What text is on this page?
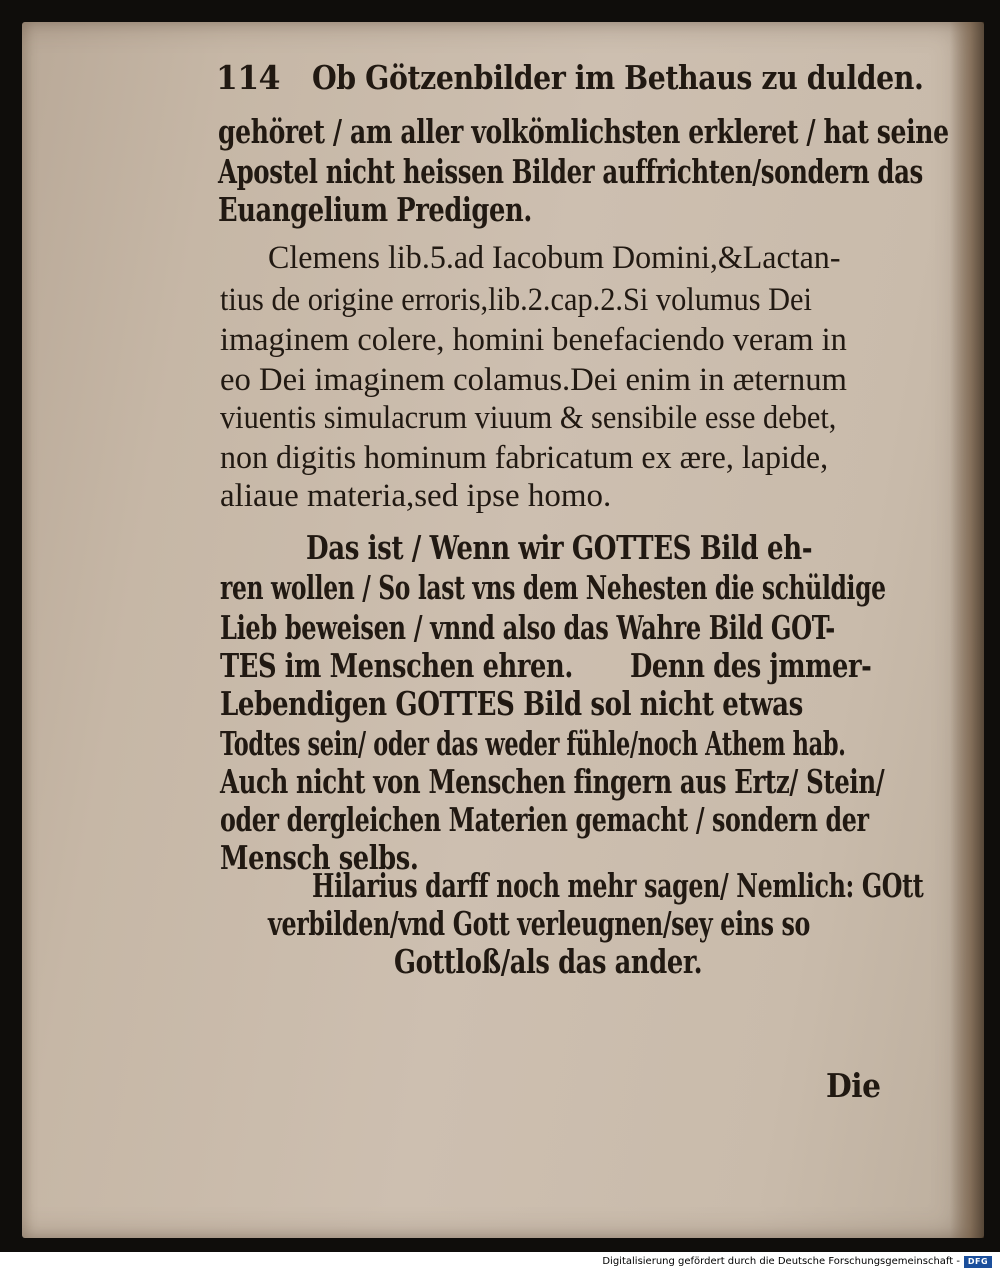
114 Ob Götzenbilder im Bethaus zu dulden.
gehöret / am aller volkömlichsten erkleret / hat seine
Apostel nicht heissen Bilder auffrichten/sondern das
Euangelium Predigen.
Clemens lib.5.ad Iacobum Domini,&Lactan-
tius de origine erroris,lib.2.cap.2.Si volumus Dei
imaginem colere, homini benefaciendo veram in
eo Dei imaginem colamus.Dei enim in æternum
viuentis simulacrum viuum & sensibile esse debet,
non digitis hominum fabricatum ex ære, lapide,
aliaue materia,sed ipse homo.
Das ist / Wenn wir GOTTES Bild eh-
ren wollen / So last vns dem Nehesten die schüldige
Lieb beweisen / vnnd also das Wahre Bild GOT-
TES im Menschen ehren. Denn des jmmer-
Lebendigen GOTTES Bild sol nicht etwas
Todtes sein/ oder das weder fühle/noch Athem hab.
Auch nicht von Menschen fingern aus Ertz/ Stein/
oder dergleichen Materien gemacht / sondern der
Mensch selbs.
Hilarius darff noch mehr sagen/ Nemlich: GOtt
verbilden/vnd Gott verleugnen/sey eins so
Gottloß/als das ander.
Die
Digitalisierung gefördert durch die Deutsche Forschungsgemeinschaft - DFG
